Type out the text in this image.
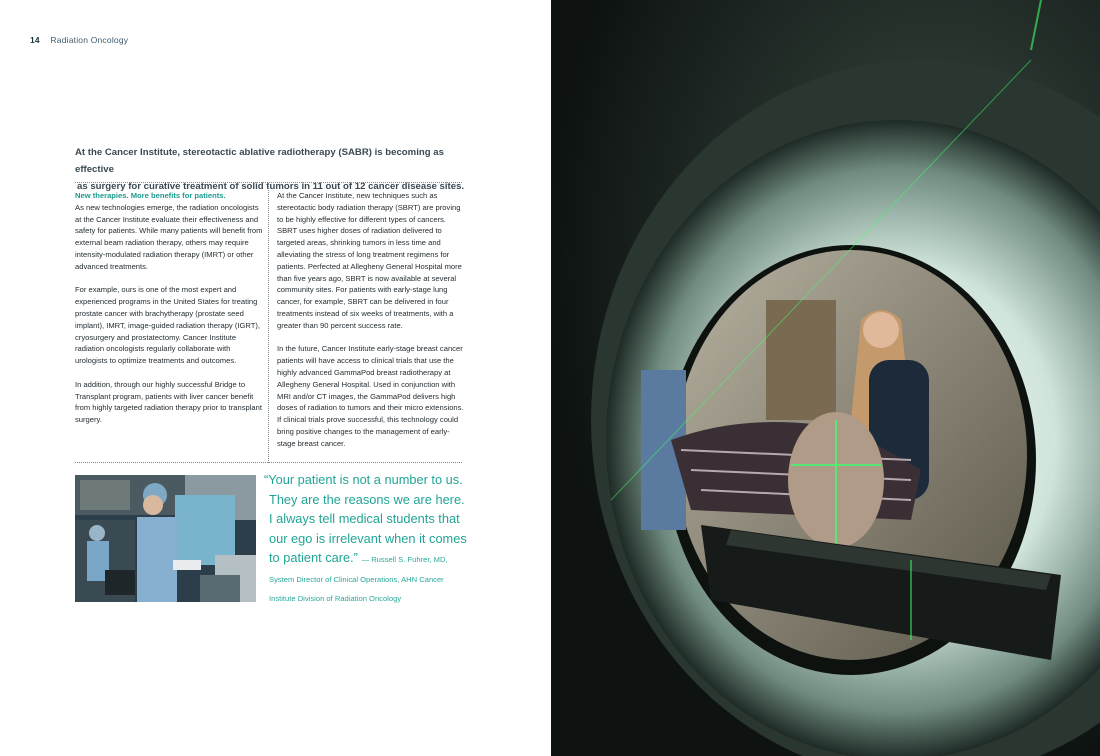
14 Radiation Oncology
At the Cancer Institute, stereotactic ablative radiotherapy (SABR) is becoming as effective
as surgery for curative treatment of solid tumors in 11 out of 12 cancer disease sites.

New therapies. More benefits for patients.
As new technologies emerge, the radiation oncologists at the Cancer Institute evaluate their effectiveness and safety for patients. While many patients will benefit from external beam radiation therapy, others may require intensity-modulated radiation therapy (IMRT) or other advanced treatments.

For example, ours is one of the most expert and experienced programs in the United States for treating prostate cancer with brachytherapy (prostate seed implant), IMRT, image-guided radiation therapy (IGRT), cryosurgery and prostatectomy. Cancer Institute radiation oncologists regularly collaborate with urologists to optimize treatments and outcomes.

In addition, through our highly successful Bridge to Transplant program, patients with liver cancer benefit from highly targeted radiation therapy prior to transplant surgery.

At the Cancer Institute, new techniques such as stereotactic body radiation therapy (SBRT) are proving to be highly effective for different types of cancers. SBRT uses higher doses of radiation delivered to targeted areas, shrinking tumors in less time and alleviating the stress of long treatment regimens for patients. Perfected at Allegheny General Hospital more than five years ago, SBRT is now available at several community sites. For patients with early-stage lung cancer, for example, SBRT can be delivered in four treatments instead of six weeks of treatments, with a greater than 90 percent success rate.

In the future, Cancer Institute early-stage breast cancer patients will have access to clinical trials that use the highly advanced GammaPod breast radiotherapy at Allegheny General Hospital. Used in conjunction with MRI and/or CT images, the GammaPod delivers high doses of radiation to tumors and their micro extensions. If clinical trials prove successful, this technology could bring positive changes to the management of early-stage breast cancer.

“Your patient is not a number to us.
They are the reasons we are here.
I always tell medical students that
our ego is irrelevant when it comes
to patient care.” — Russell S. Fuhrer, MD,
System Director of Clinical Operations, AHN Cancer
Institute Division of Radiation Oncology
